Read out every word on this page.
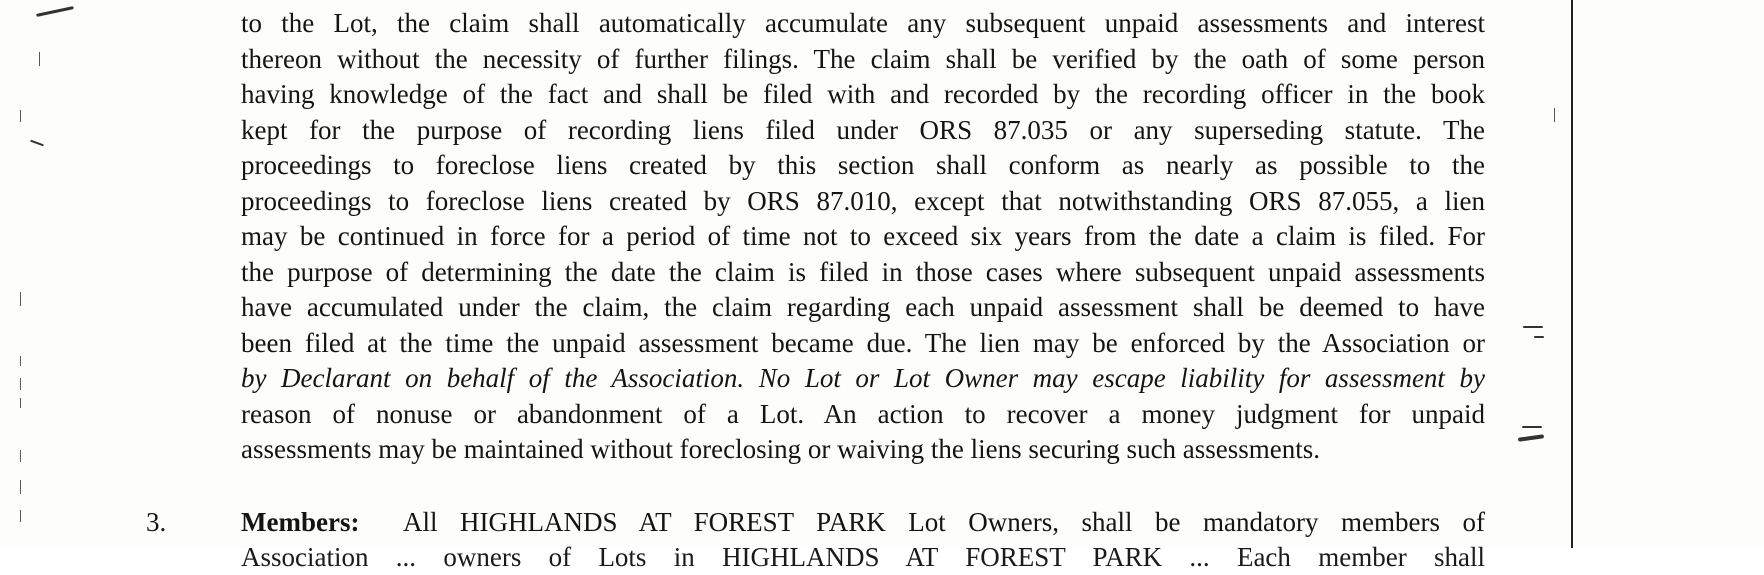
to the Lot, the claim shall automatically accumulate any subsequent unpaid assessments and interest
thereon without the necessity of further filings. The claim shall be verified by the oath of some person
having knowledge of the fact and shall be filed with and recorded by the recording officer in the book
kept for the purpose of recording liens filed under ORS 87.035 or any superseding statute. The
proceedings to foreclose liens created by this section shall conform as nearly as possible to the
proceedings to foreclose liens created by ORS 87.010, except that notwithstanding ORS 87.055, a lien
may be continued in force for a period of time not to exceed six years from the date a claim is filed. For
the purpose of determining the date the claim is filed in those cases where subsequent unpaid assessments
have accumulated under the claim, the claim regarding each unpaid assessment shall be deemed to have
been filed at the time the unpaid assessment became due. The lien may be enforced by the Association or
by Declarant on behalf of the Association. No Lot or Lot Owner may escape liability for assessment by
reason of nonuse or abandonment of a Lot. An action to recover a money judgment for unpaid
assessments may be maintained without foreclosing or waiving the liens securing such assessments.
3.	Members: All HIGHLANDS AT FOREST PARK Lot Owners, shall be mandatory members of
Association ... owners of Lots in HIGHLANDS AT FOREST PARK ... Each member shall
